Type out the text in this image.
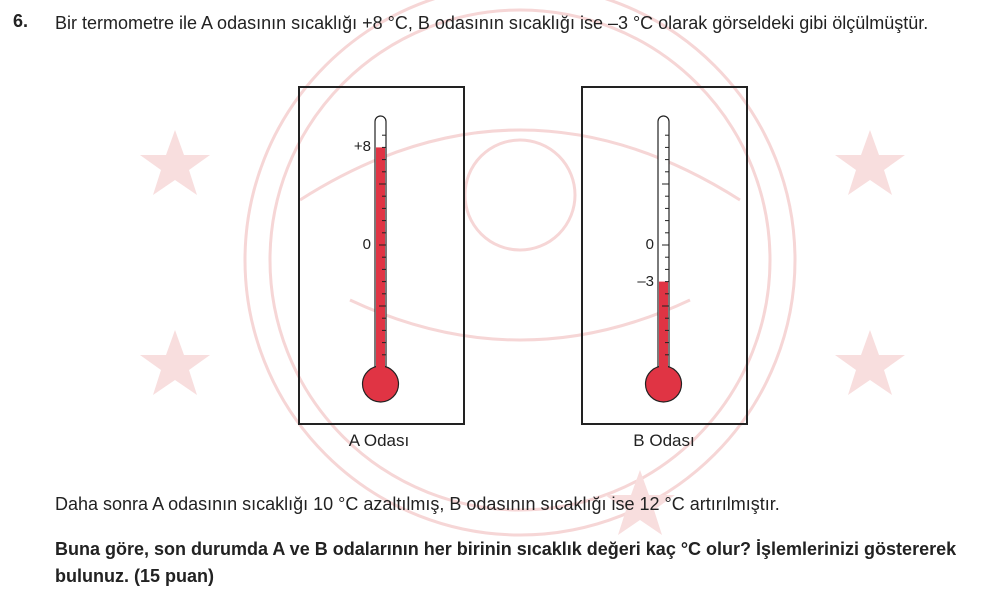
6. Bir termometre ile A odasının sıcaklığı +8 °C, B odasının sıcaklığı ise –3 °C olarak görseldeki gibi ölçülmüştür.
+8
0
A Odası
–3
0
B Odası
Daha sonra A odasının sıcaklığı 10 °C azaltılmış, B odasının sıcaklığı ise 12 °C artırılmıştır.
Buna göre, son durumda A ve B odalarının her birinin sıcaklık değeri kaç °C olur? İşlemlerinizi göstererek bulunuz. (15 puan)
